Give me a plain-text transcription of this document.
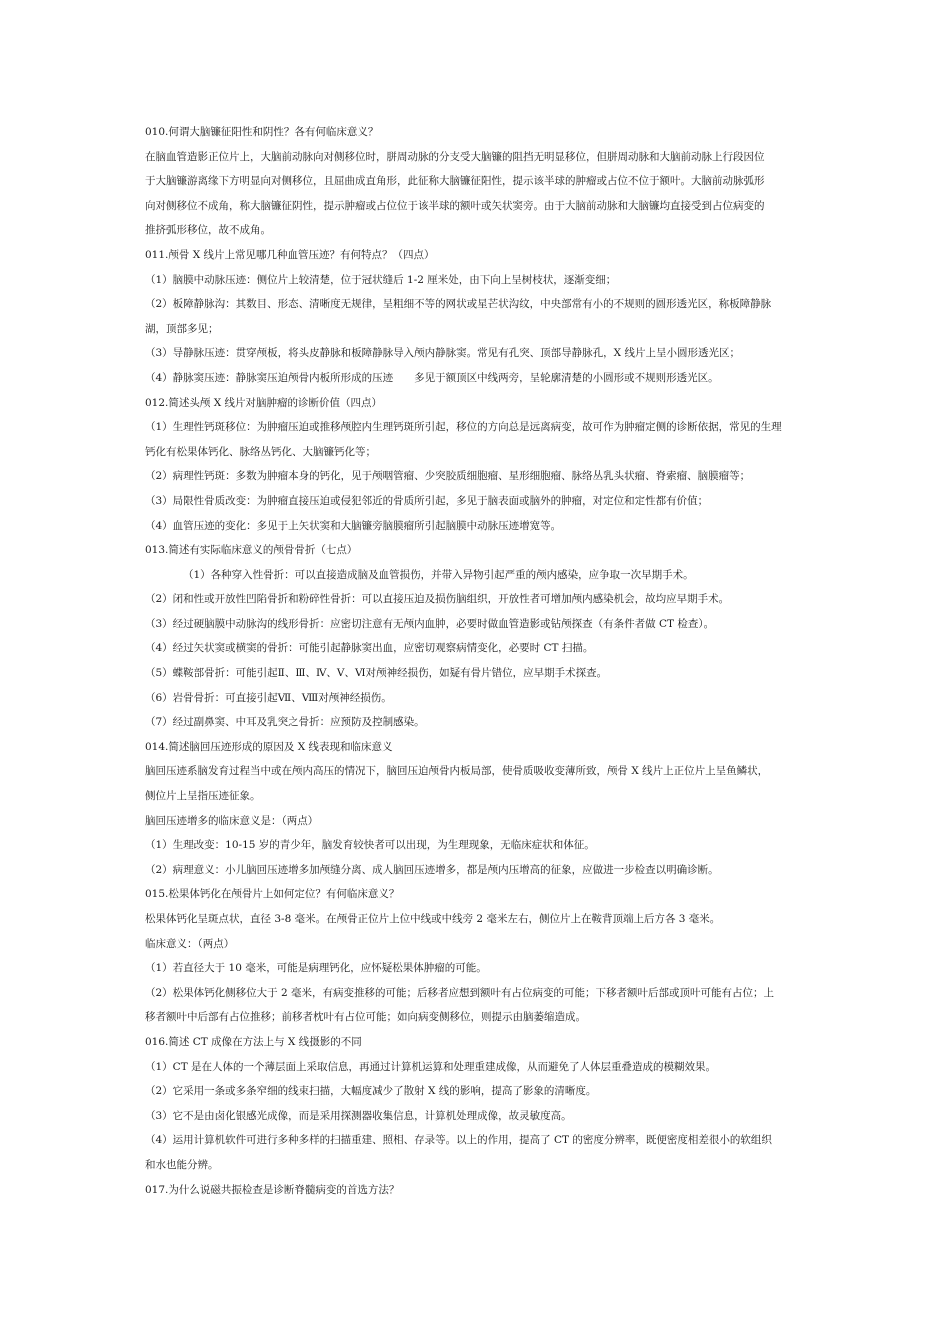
010.何谓大脑镰征阳性和阴性？各有何临床意义？
在脑血管造影正位片上，大脑前动脉向对侧移位时，胼周动脉的分支受大脑镰的阻挡无明显移位，但胼周动脉和大脑前动脉上行段因位
于大脑镰游离缘下方明显向对侧移位，且屈曲成直角形，此征称大脑镰征阳性，提示该半球的肿瘤或占位不位于额叶。大脑前动脉弧形
向对侧移位不成角，称大脑镰征阴性，提示肿瘤或占位位于该半球的额叶或矢状窦旁。由于大脑前动脉和大脑镰均直接受到占位病变的
推挤弧形移位，故不成角。
011.颅骨 X 线片上常见哪几种血管压迹？有何特点？（四点）
（1）脑膜中动脉压迹：侧位片上较清楚，位于冠状缝后 1-2 厘米处，由下向上呈树枝状，逐渐变细；
（2）板障静脉沟：其数目、形态、清晰度无规律，呈粗细不等的网状或星芒状沟纹，中央部常有小的不规则的圆形透光区，称板障静脉
湖，顶部多见；
（3）导静脉压迹：贯穿颅板，将头皮静脉和板障静脉导入颅内静脉窦。常见有孔突、顶部导静脉孔，X 线片上呈小圆形透光区；
（4）静脉窦压迹：静脉窦压迫颅骨内板所形成的压迹　　多见于额顶区中线两旁，呈轮廓清楚的小圆形或不规则形透光区。
012.简述头颅 X 线片对脑肿瘤的诊断价值（四点）
（1）生理性钙斑移位：为肿瘤压迫或推移颅腔内生理钙斑所引起，移位的方向总是远离病变，故可作为肿瘤定侧的诊断依据，常见的生理
钙化有松果体钙化、脉络丛钙化、大脑镰钙化等；
（2）病理性钙斑：多数为肿瘤本身的钙化，见于颅咽管瘤、少突胶质细胞瘤、星形细胞瘤、脉络丛乳头状瘤、脊索瘤、脑膜瘤等；
（3）局限性骨质改变：为肿瘤直接压迫或侵犯邻近的骨质所引起，多见于脑表面或脑外的肿瘤，对定位和定性都有价值；
（4）血管压迹的变化：多见于上矢状窦和大脑镰旁脑膜瘤所引起脑膜中动脉压迹增宽等。
013.简述有实际临床意义的颅骨骨折（七点）
（1）各种穿入性骨折：可以直接造成脑及血管损伤，并带入异物引起严重的颅内感染，应争取一次早期手术。
（2）闭和性或开放性凹陷骨折和粉碎性骨折：可以直接压迫及损伤脑组织，开放性者可增加颅内感染机会，故均应早期手术。
（3）经过硬脑膜中动脉沟的线形骨折：应密切注意有无颅内血肿，必要时做血管造影或钻颅探查（有条件者做 CT 检查）。
（4）经过矢状窦或横窦的骨折：可能引起静脉窦出血，应密切观察病情变化，必要时 CT 扫描。
（5）蝶鞍部骨折：可能引起Ⅱ、Ⅲ、Ⅳ、Ⅴ、Ⅵ对颅神经损伤，如疑有骨片错位，应早期手术探查。
（6）岩骨骨折：可直接引起Ⅶ、Ⅷ对颅神经损伤。
（7）经过副鼻窦、中耳及乳突之骨折：应预防及控制感染。
014.简述脑回压迹形成的原因及 X 线表现和临床意义
脑回压迹系脑发育过程当中或在颅内高压的情况下，脑回压迫颅骨内板局部，使骨质吸收变薄所致，颅骨 X 线片上正位片上呈鱼鳞状，
侧位片上呈指压迹征象。
脑回压迹增多的临床意义是：（两点）
（1）生理改变：10-15 岁的青少年，脑发育较快者可以出现，为生理现象，无临床症状和体征。
（2）病理意义：小儿脑回压迹增多加颅缝分离、成人脑回压迹增多，都是颅内压增高的征象，应做进一步检查以明确诊断。
015.松果体钙化在颅骨片上如何定位？有何临床意义？
松果体钙化呈斑点状，直径 3-8 毫米。在颅骨正位片上位中线或中线旁 2 毫米左右，侧位片上在鞍背顶端上后方各 3 毫米。
临床意义：（两点）
（1）若直径大于 10 毫米，可能是病理钙化，应怀疑松果体肿瘤的可能。
（2）松果体钙化侧移位大于 2 毫米，有病变推移的可能；后移者应想到额叶有占位病变的可能；下移者额叶后部或顶叶可能有占位；上
移者额叶中后部有占位推移；前移者枕叶有占位可能；如向病变侧移位，则提示由脑萎缩造成。
016.简述 CT 成像在方法上与 X 线摄影的不同
（1）CT 是在人体的一个薄层面上采取信息，再通过计算机运算和处理重建成像，从而避免了人体层重叠造成的模糊效果。
（2）它采用一条或多条窄细的线束扫描，大幅度减少了散射 X 线的影响，提高了影象的清晰度。
（3）它不是由卤化银感光成像，而是采用探测器收集信息，计算机处理成像，故灵敏度高。
（4）运用计算机软件可进行多种多样的扫描重建、照相、存录等。以上的作用，提高了 CT 的密度分辨率，既便密度相差很小的软组织
和水也能分辨。
017.为什么说磁共振检查是诊断脊髓病变的首选方法？
